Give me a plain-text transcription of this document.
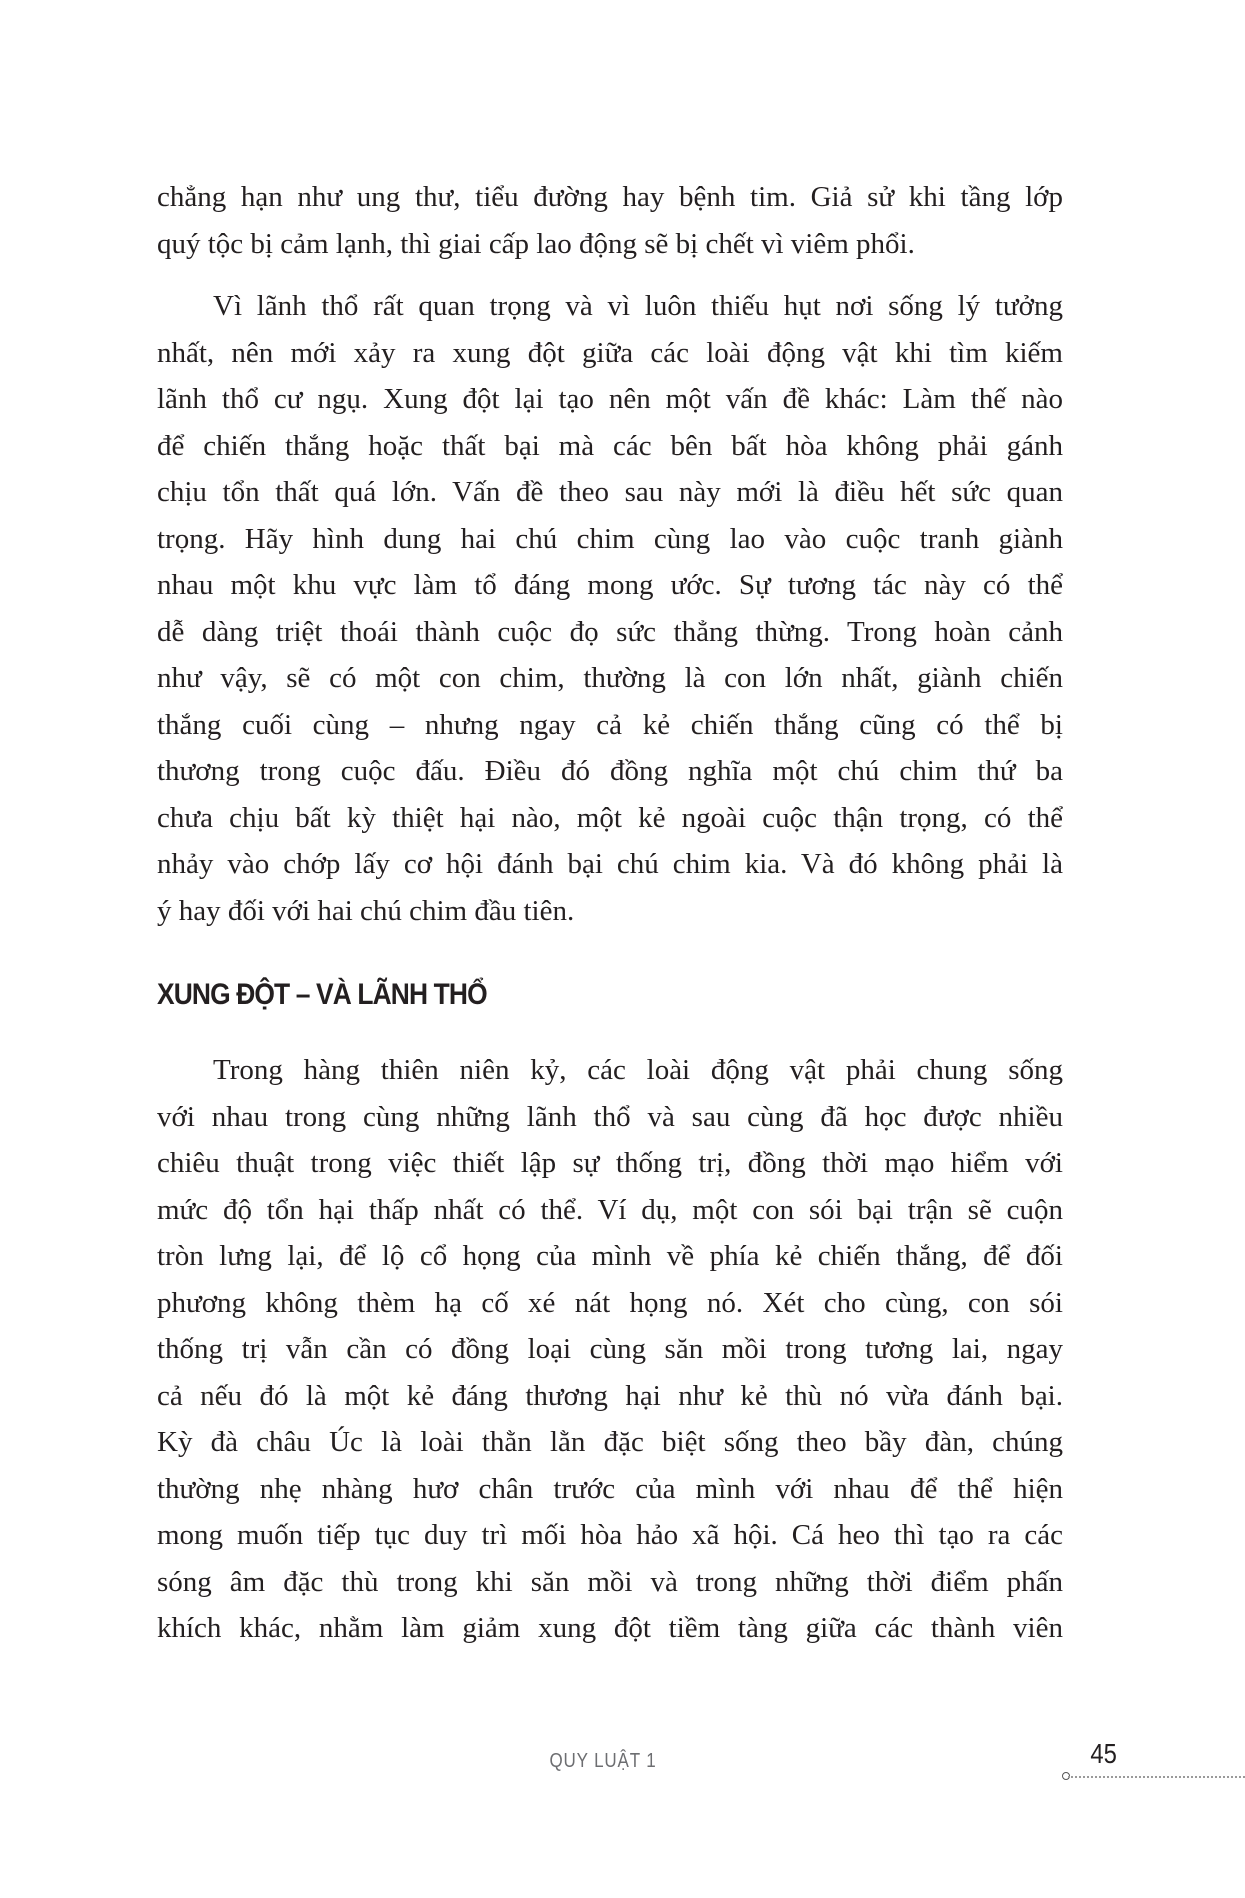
chẳng hạn như ung thư, tiểu đường hay bệnh tim. Giả sử khi tầng lớp
quý tộc bị cảm lạnh, thì giai cấp lao động sẽ bị chết vì viêm phổi.
Vì lãnh thổ rất quan trọng và vì luôn thiếu hụt nơi sống lý tưởng
nhất, nên mới xảy ra xung đột giữa các loài động vật khi tìm kiếm
lãnh thổ cư ngụ. Xung đột lại tạo nên một vấn đề khác: Làm thế nào
để chiến thắng hoặc thất bại mà các bên bất hòa không phải gánh
chịu tổn thất quá lớn. Vấn đề theo sau này mới là điều hết sức quan
trọng. Hãy hình dung hai chú chim cùng lao vào cuộc tranh giành
nhau một khu vực làm tổ đáng mong ước. Sự tương tác này có thể
dễ dàng triệt thoái thành cuộc đọ sức thẳng thừng. Trong hoàn cảnh
như vậy, sẽ có một con chim, thường là con lớn nhất, giành chiến
thắng cuối cùng – nhưng ngay cả kẻ chiến thắng cũng có thể bị
thương trong cuộc đấu. Điều đó đồng nghĩa một chú chim thứ ba
chưa chịu bất kỳ thiệt hại nào, một kẻ ngoài cuộc thận trọng, có thể
nhảy vào chớp lấy cơ hội đánh bại chú chim kia. Và đó không phải là
ý hay đối với hai chú chim đầu tiên.
XUNG ĐỘT – VÀ LÃNH THỔ
Trong hàng thiên niên kỷ, các loài động vật phải chung sống
với nhau trong cùng những lãnh thổ và sau cùng đã học được nhiều
chiêu thuật trong việc thiết lập sự thống trị, đồng thời mạo hiểm với
mức độ tổn hại thấp nhất có thể. Ví dụ, một con sói bại trận sẽ cuộn
tròn lưng lại, để lộ cổ họng của mình về phía kẻ chiến thắng, để đối
phương không thèm hạ cố xé nát họng nó. Xét cho cùng, con sói
thống trị vẫn cần có đồng loại cùng săn mồi trong tương lai, ngay
cả nếu đó là một kẻ đáng thương hại như kẻ thù nó vừa đánh bại.
Kỳ đà châu Úc là loài thằn lằn đặc biệt sống theo bầy đàn, chúng
thường nhẹ nhàng hươ chân trước của mình với nhau để thể hiện
mong muốn tiếp tục duy trì mối hòa hảo xã hội. Cá heo thì tạo ra các
sóng âm đặc thù trong khi săn mồi và trong những thời điểm phấn
khích khác, nhằm làm giảm xung đột tiềm tàng giữa các thành viên
QUY LUẬT 1	45
